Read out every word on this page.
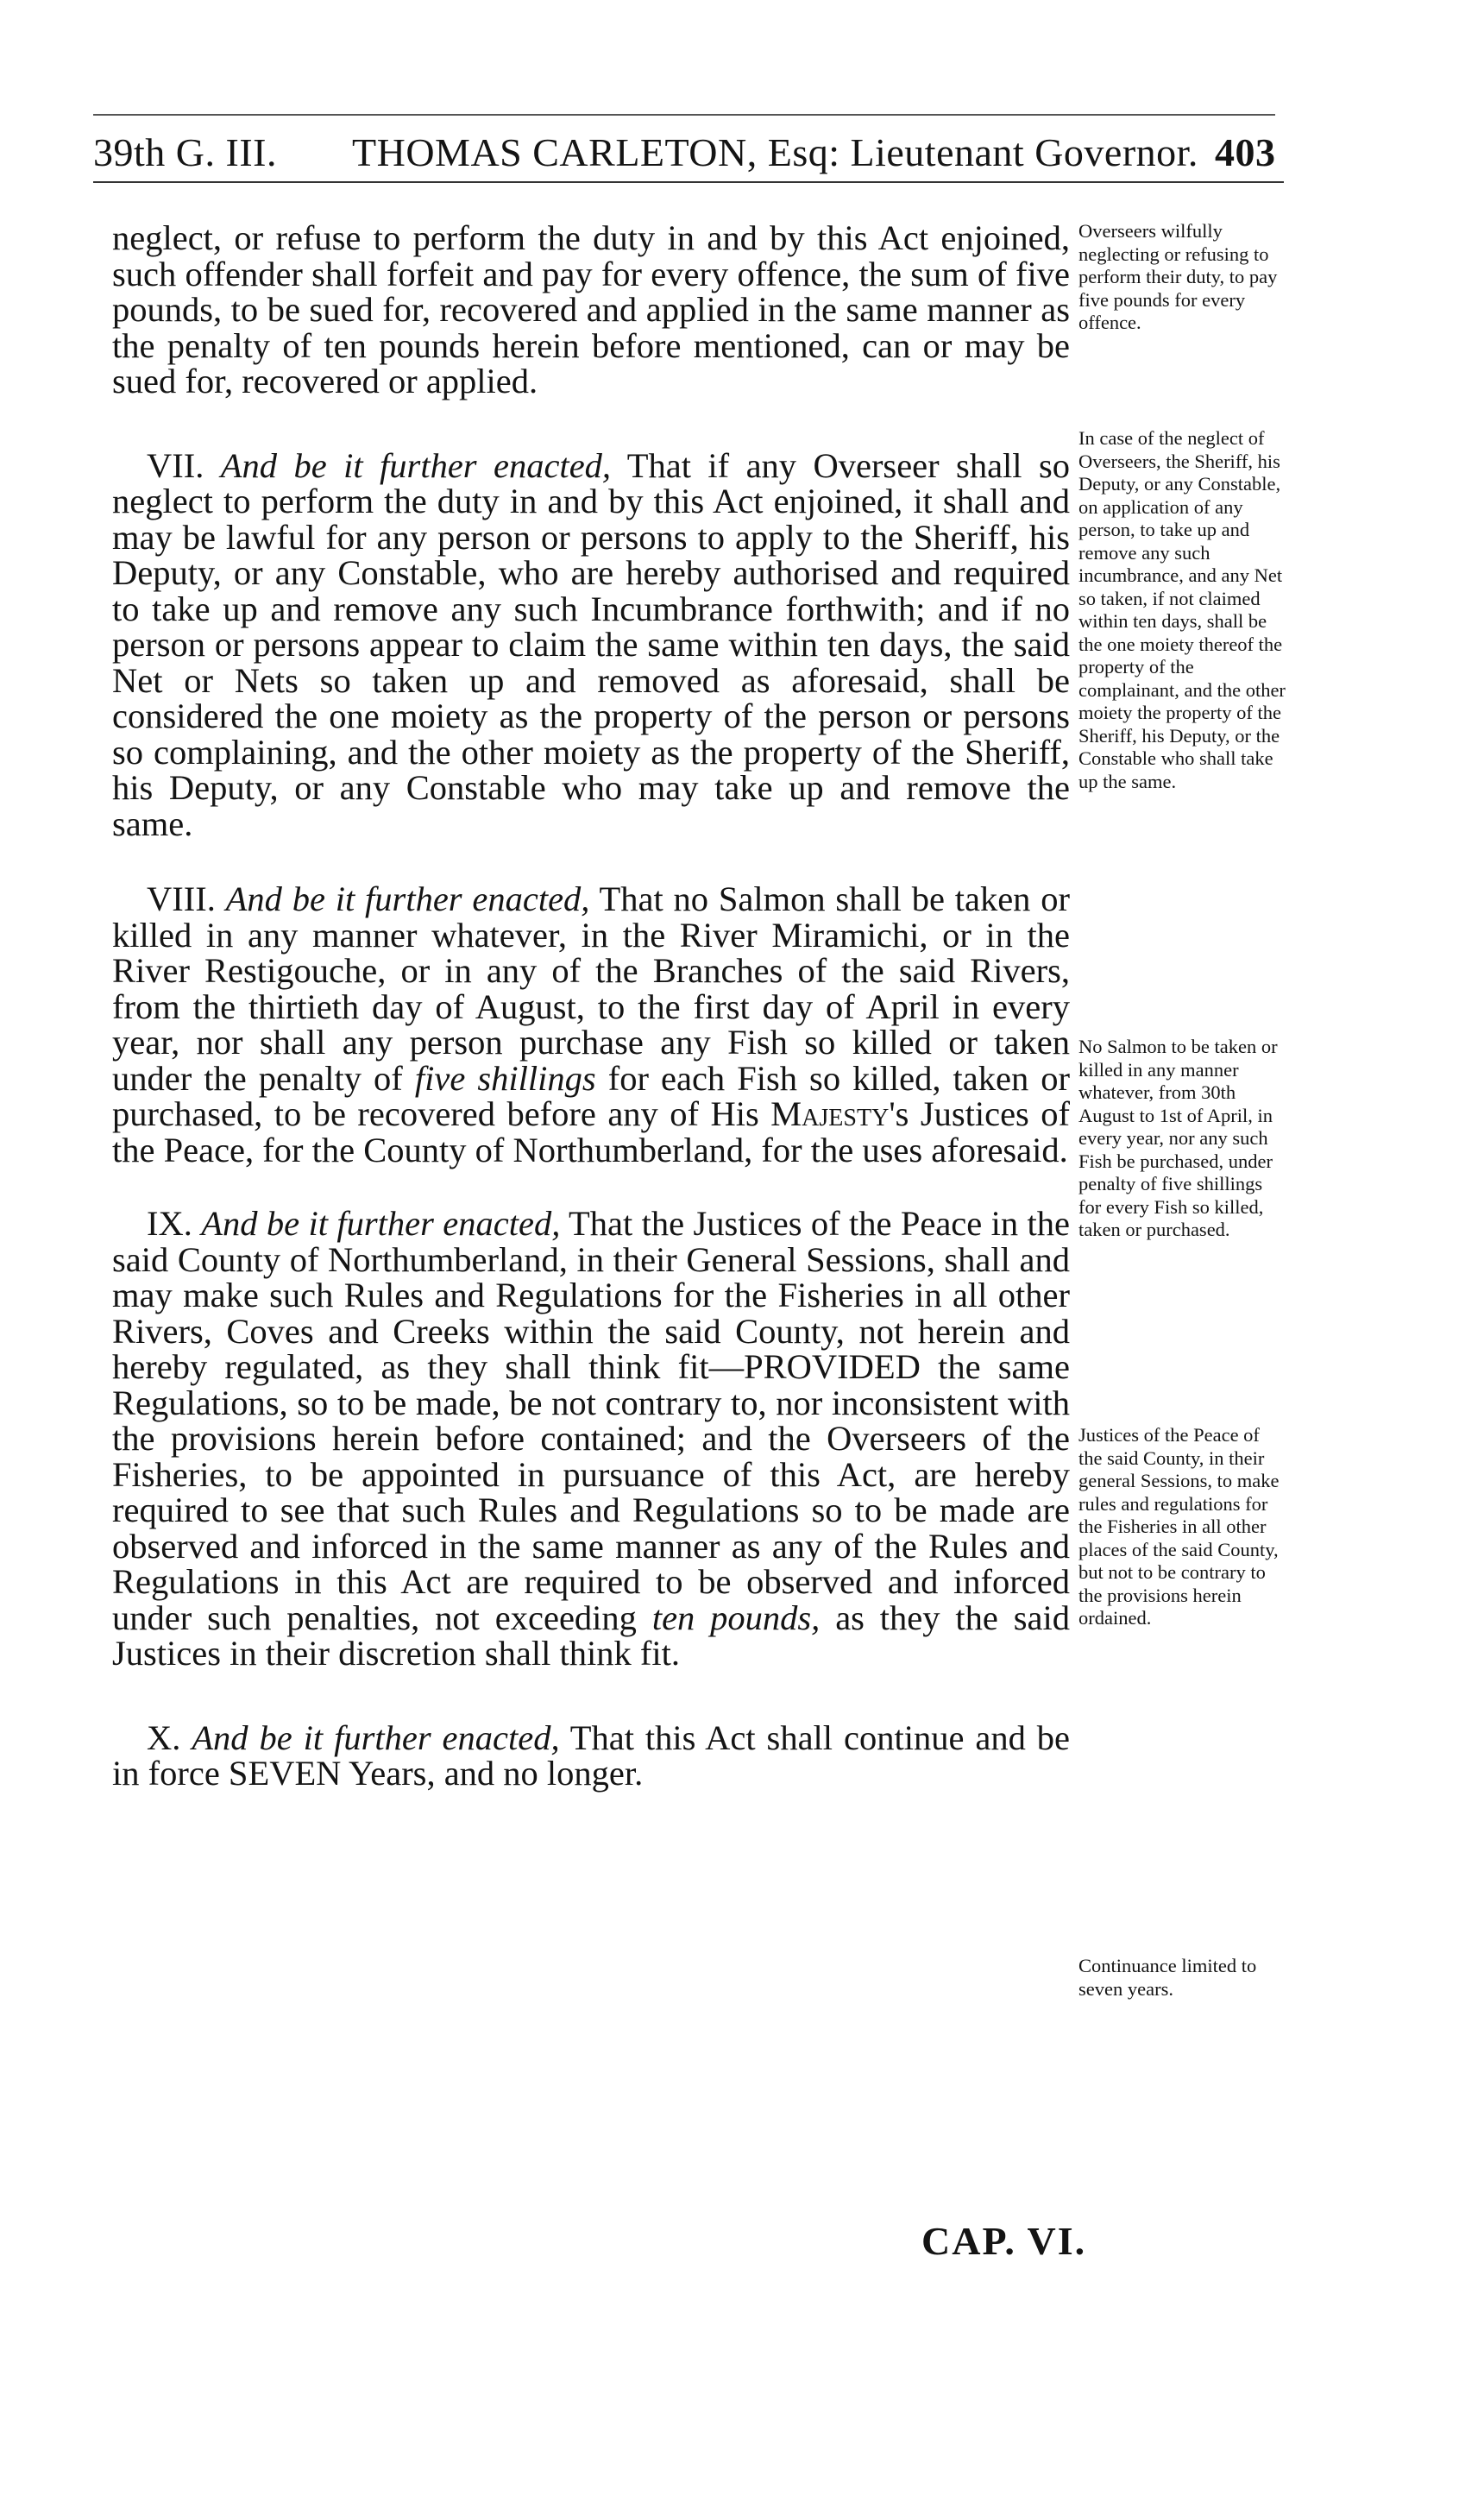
39th G. III. THOMAS CARLETON, Esq: Lieutenant Governor. 403

neglect, or refuse to perform the duty in and by this Act enjoined, such offender shall forfeit and pay for every offence, the sum of five pounds, to be sued for, recovered and applied in the same manner as the penalty of ten pounds herein before mentioned, can or may be sued for, recovered or applied.

VII. And be it further enacted, That if any Overseer shall so neglect to perform the duty in and by this Act enjoined, it shall and may be lawful for any person or persons to apply to the Sheriff, his Deputy, or any Constable, who are hereby authorised and required to take up and remove any such Incumbrance forthwith; and if no person or persons appear to claim the same within ten days, the said Net or Nets so taken up and removed as aforesaid, shall be considered the one moiety as the property of the person or persons so complaining, and the other moiety as the property of the Sheriff, his Deputy, or any Constable who may take up and remove the same.

VIII. And be it further enacted, That no Salmon shall be taken or killed in any manner whatever, in the River Miramichi, or in the River Restigouche, or in any of the Branches of the said Rivers, from the thirtieth day of August, to the first day of April in every year, nor shall any person purchase any Fish so killed or taken under the penalty of five shillings for each Fish so killed, taken or purchased, to be recovered before any of His Majesty's Justices of the Peace, for the County of Northumberland, for the uses aforesaid.

IX. And be it further enacted, That the Justices of the Peace in the said County of Northumberland, in their General Sessions, shall and may make such Rules and Regulations for the Fisheries in all other Rivers, Coves and Creeks within the said County, not herein and hereby regulated, as they shall think fit—PROVIDED the same Regulations, so to be made, be not contrary to, nor inconsistent with the provisions herein before contained; and the Overseers of the Fisheries, to be appointed in pursuance of this Act, are hereby required to see that such Rules and Regulations so to be made are observed and inforced in the same manner as any of the Rules and Regulations in this Act are required to be observed and inforced under such penalties, not exceeding ten pounds, as they the said Justices in their discretion shall think fit.

X. And be it further enacted, That this Act shall continue and be in force SEVEN Years, and no longer.

Overseers wilfully neglecting or refusing to perform their duty, to pay five pounds for every offence.

In case of the neglect of Overseers, the Sheriff, his Deputy, or any Constable, on application of any person, to take up and remove any such incumbrance, and any Net so taken, if not claimed within ten days, shall be the one moiety thereof the property of the complainant, and the other moiety the property of the Sheriff, his Deputy, or the Constable who shall take up the same.

No Salmon to be taken or killed in any manner whatever, from 30th August to 1st of April, in every year, nor any such Fish be purchased, under penalty of five shillings for every Fish so killed, taken or purchased.

Justices of the Peace of the said County, in their general Sessions, to make rules and regulations for the Fisheries in all other places of the said County, but not to be contrary to the provisions herein ordained.

Continuance limited to seven years.

CAP. VI.
